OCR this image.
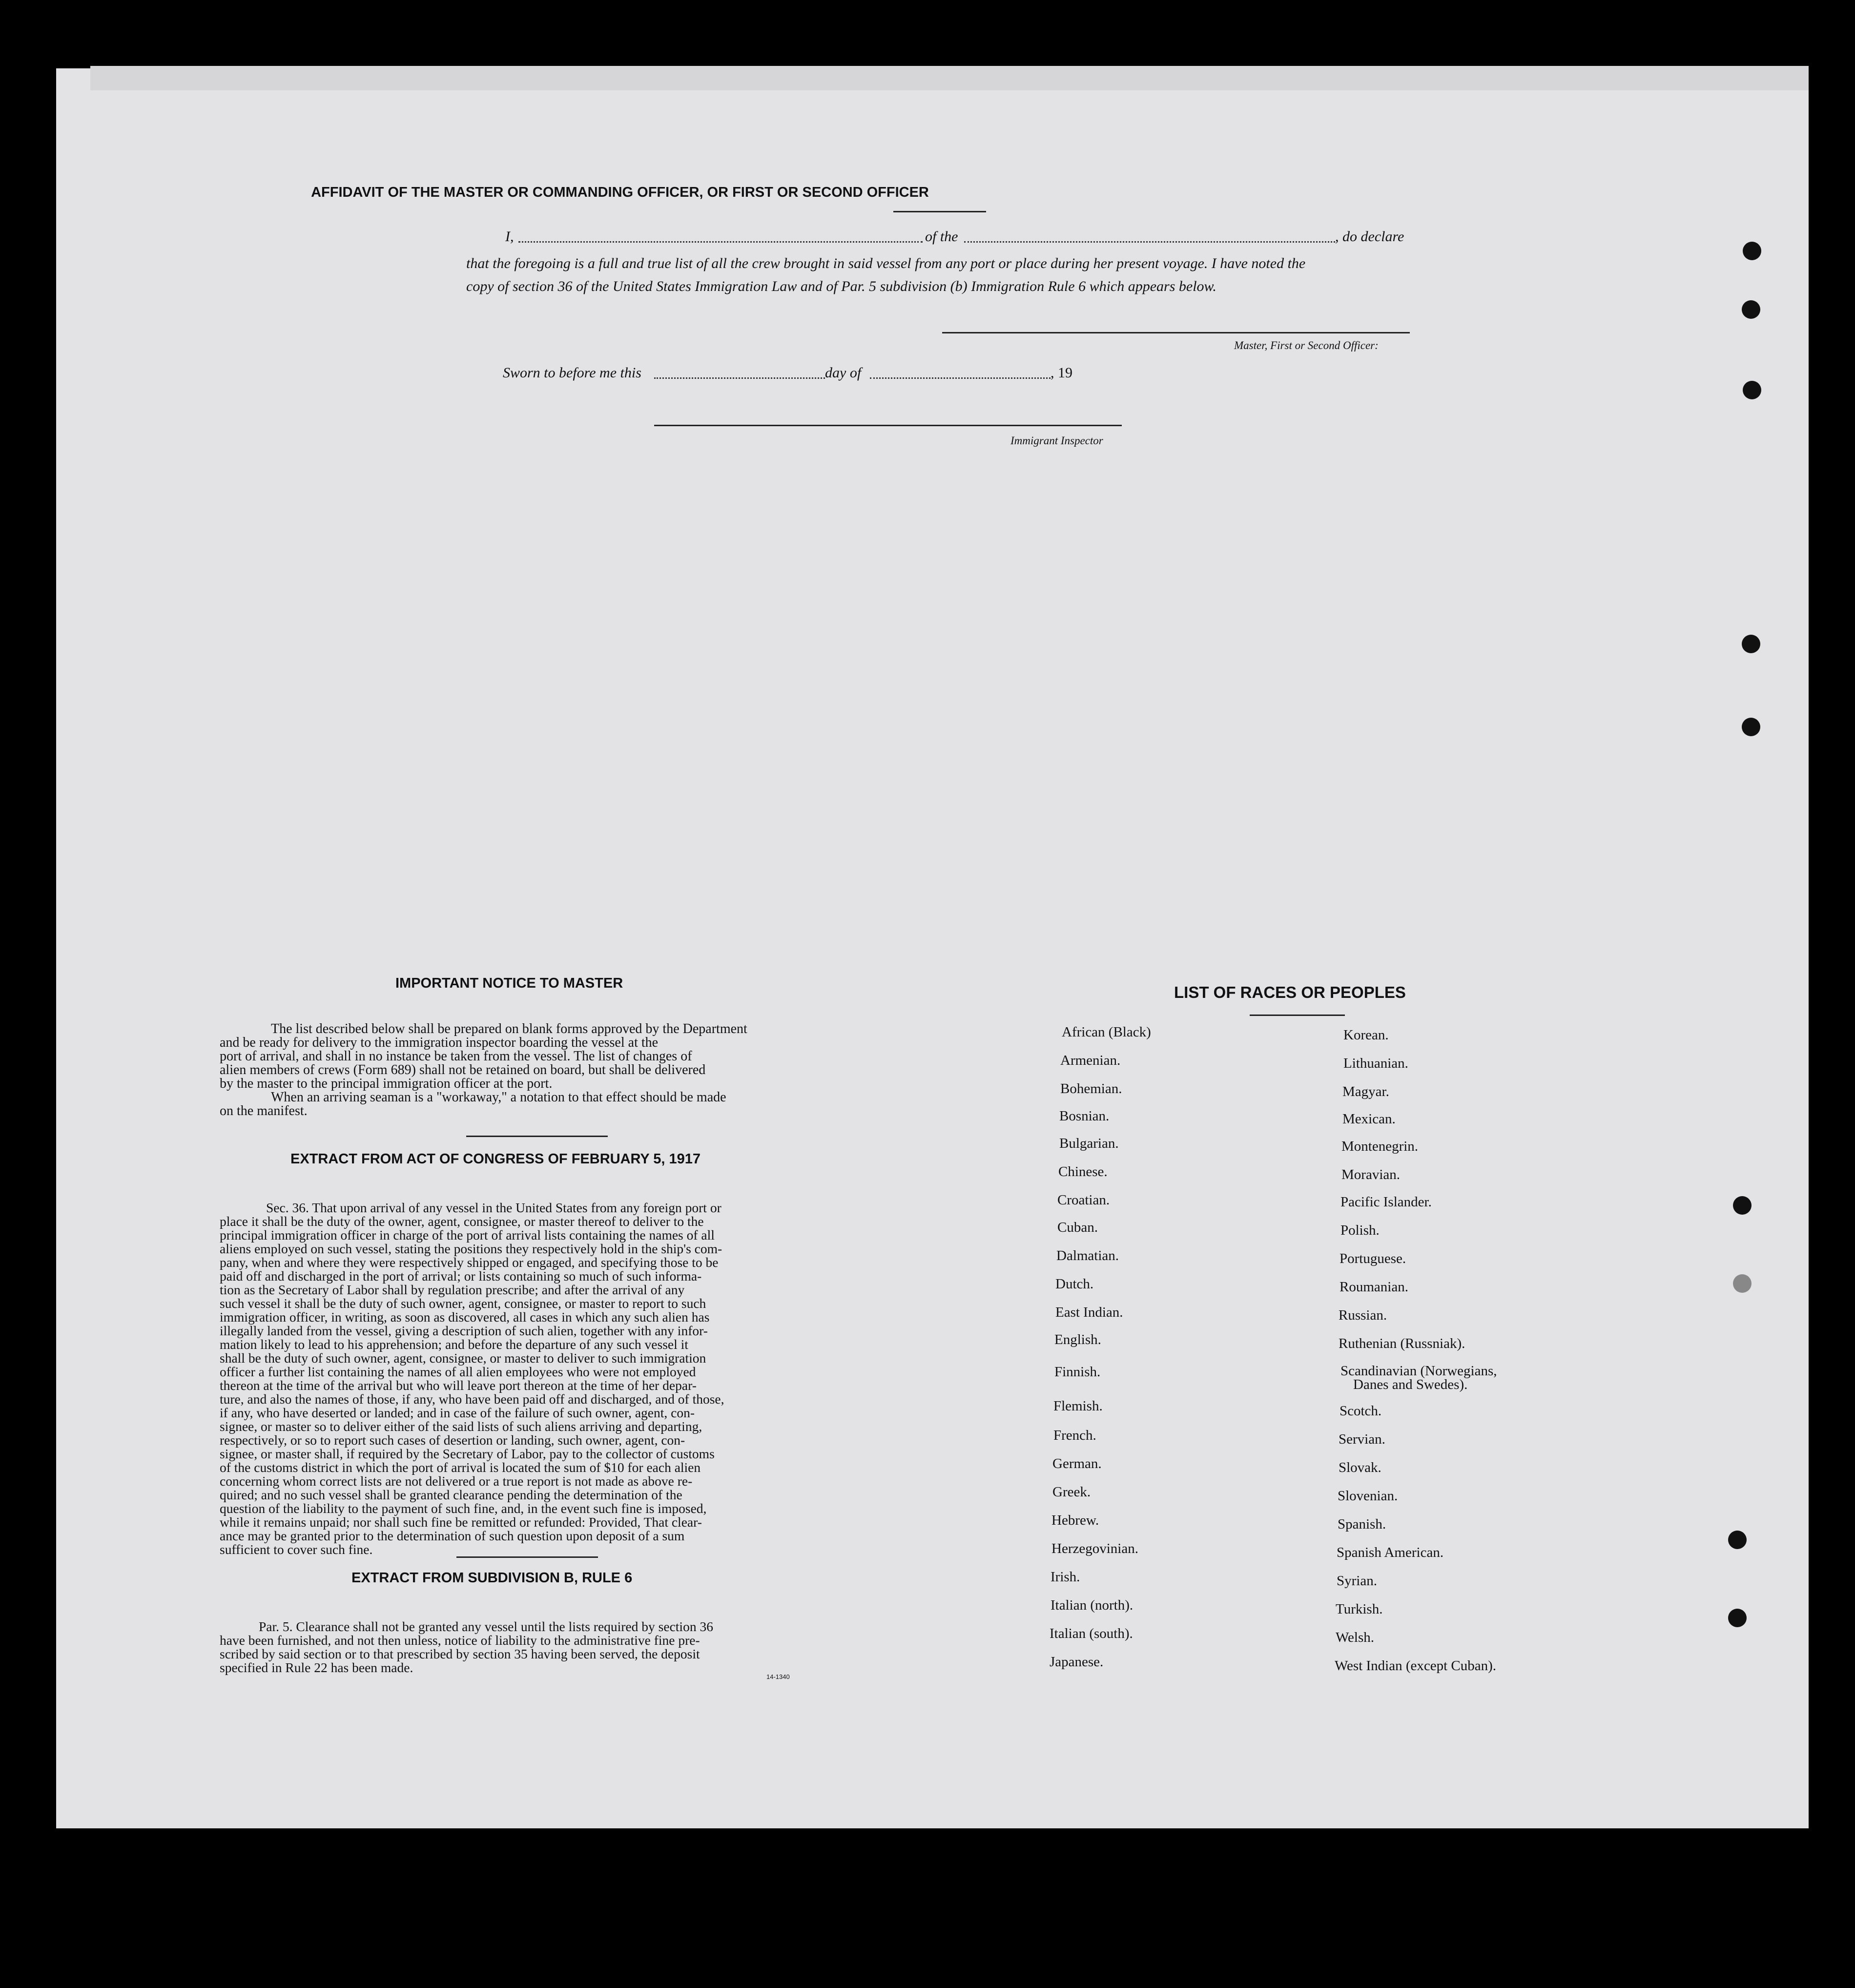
AFFIDAVIT OF THE MASTER OR COMMANDING OFFICER, OR FIRST OR SECOND OFFICER
I,	of the	, do declare
that the foregoing is a full and true list of all the crew brought in said vessel from any port or place during her present voyage. I have noted the
copy of section 36 of the United States Immigration Law and of Par. 5 subdivision (b) Immigration Rule 6 which appears below.
Master, First or Second Officer:
Sworn to before me this	day of	, 19
Immigrant Inspector
IMPORTANT NOTICE TO MASTER
The list described below shall be prepared on blank forms approved by the Department
and be ready for delivery to the immigration inspector boarding the vessel at the
port of arrival, and shall in no instance be taken from the vessel. The list of changes of
alien members of crews (Form 689) shall not be retained on board, but shall be delivered
by the master to the principal immigration officer at the port.
When an arriving seaman is a "workaway," a notation to that effect should be made
on the manifest.
EXTRACT FROM ACT OF CONGRESS OF FEBRUARY 5, 1917
Sec. 36. That upon arrival of any vessel in the United States from any foreign port or
place it shall be the duty of the owner, agent, consignee, or master thereof to deliver to the
principal immigration officer in charge of the port of arrival lists containing the names of all
aliens employed on such vessel, stating the positions they respectively hold in the ship's com-
pany, when and where they were respectively shipped or engaged, and specifying those to be
paid off and discharged in the port of arrival; or lists containing so much of such informa-
tion as the Secretary of Labor shall by regulation prescribe; and after the arrival of any
such vessel it shall be the duty of such owner, agent, consignee, or master to report to such
immigration officer, in writing, as soon as discovered, all cases in which any such alien has
illegally landed from the vessel, giving a description of such alien, together with any infor-
mation likely to lead to his apprehension; and before the departure of any such vessel it
shall be the duty of such owner, agent, consignee, or master to deliver to such immigration
officer a further list containing the names of all alien employees who were not employed
thereon at the time of the arrival but who will leave port thereon at the time of her depar-
ture, and also the names of those, if any, who have been paid off and discharged, and of those,
if any, who have deserted or landed; and in case of the failure of such owner, agent, con-
signee, or master so to deliver either of the said lists of such aliens arriving and departing,
respectively, or so to report such cases of desertion or landing, such owner, agent, con-
signee, or master shall, if required by the Secretary of Labor, pay to the collector of customs
of the customs district in which the port of arrival is located the sum of $10 for each alien
concerning whom correct lists are not delivered or a true report is not made as above re-
quired; and no such vessel shall be granted clearance pending the determination of the
question of the liability to the payment of such fine, and, in the event such fine is imposed,
while it remains unpaid; nor shall such fine be remitted or refunded: Provided, That clear-
ance may be granted prior to the determination of such question upon deposit of a sum
sufficient to cover such fine.
EXTRACT FROM SUBDIVISION B, RULE 6
Par. 5. Clearance shall not be granted any vessel until the lists required by section 36
have been furnished, and not then unless, notice of liability to the administrative fine pre-
scribed by said section or to that prescribed by section 35 having been served, the deposit
specified in Rule 22 has been made.
14-1340
LIST OF RACES OR PEOPLES
African (Black)
Armenian.
Bohemian.
Bosnian.
Bulgarian.
Chinese.
Croatian.
Cuban.
Dalmatian.
Dutch.
East Indian.
English.
Finnish.
Flemish.
French.
German.
Greek.
Hebrew.
Herzegovinian.
Irish.
Italian (north).
Italian (south).
Japanese.
Korean.
Lithuanian.
Magyar.
Mexican.
Montenegrin.
Moravian.
Pacific Islander.
Polish.
Portuguese.
Roumanian.
Russian.
Ruthenian (Russniak).
Scandinavian (Norwegians,
Danes and Swedes).
Scotch.
Servian.
Slovak.
Slovenian.
Spanish.
Spanish American.
Syrian.
Turkish.
Welsh.
West Indian (except Cuban).
